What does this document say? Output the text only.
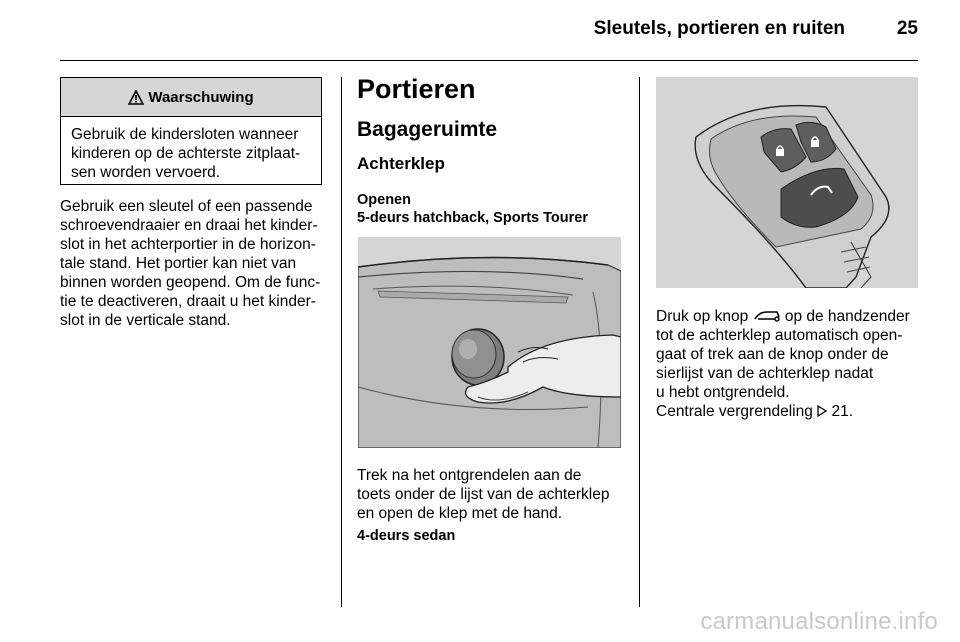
Sleutels, portieren en ruiten	25
Waarschuwing
Gebruik de kindersloten wanneer
kinderen op de achterste zitplaat-
sen worden vervoerd.
Gebruik een sleutel of een passende
schroevendraaier en draai het kinder-
slot in het achterportier in de horizon-
tale stand. Het portier kan niet van
binnen worden geopend. Om de func-
tie te deactiveren, draait u het kinder-
slot in de verticale stand.
Portieren
Bagageruimte
Achterklep
Openen
5-deurs hatchback, Sports Tourer
Trek na het ontgrendelen aan de
toets onder de lijst van de achterklep
en open de klep met de hand.
4-deurs sedan
Druk op knop op de handzender
tot de achterklep automatisch open-
gaat of trek aan de knop onder de
sierlijst van de achterklep nadat
u hebt ontgrendeld.
Centrale vergrendeling 21.
carmanualsonline.info
